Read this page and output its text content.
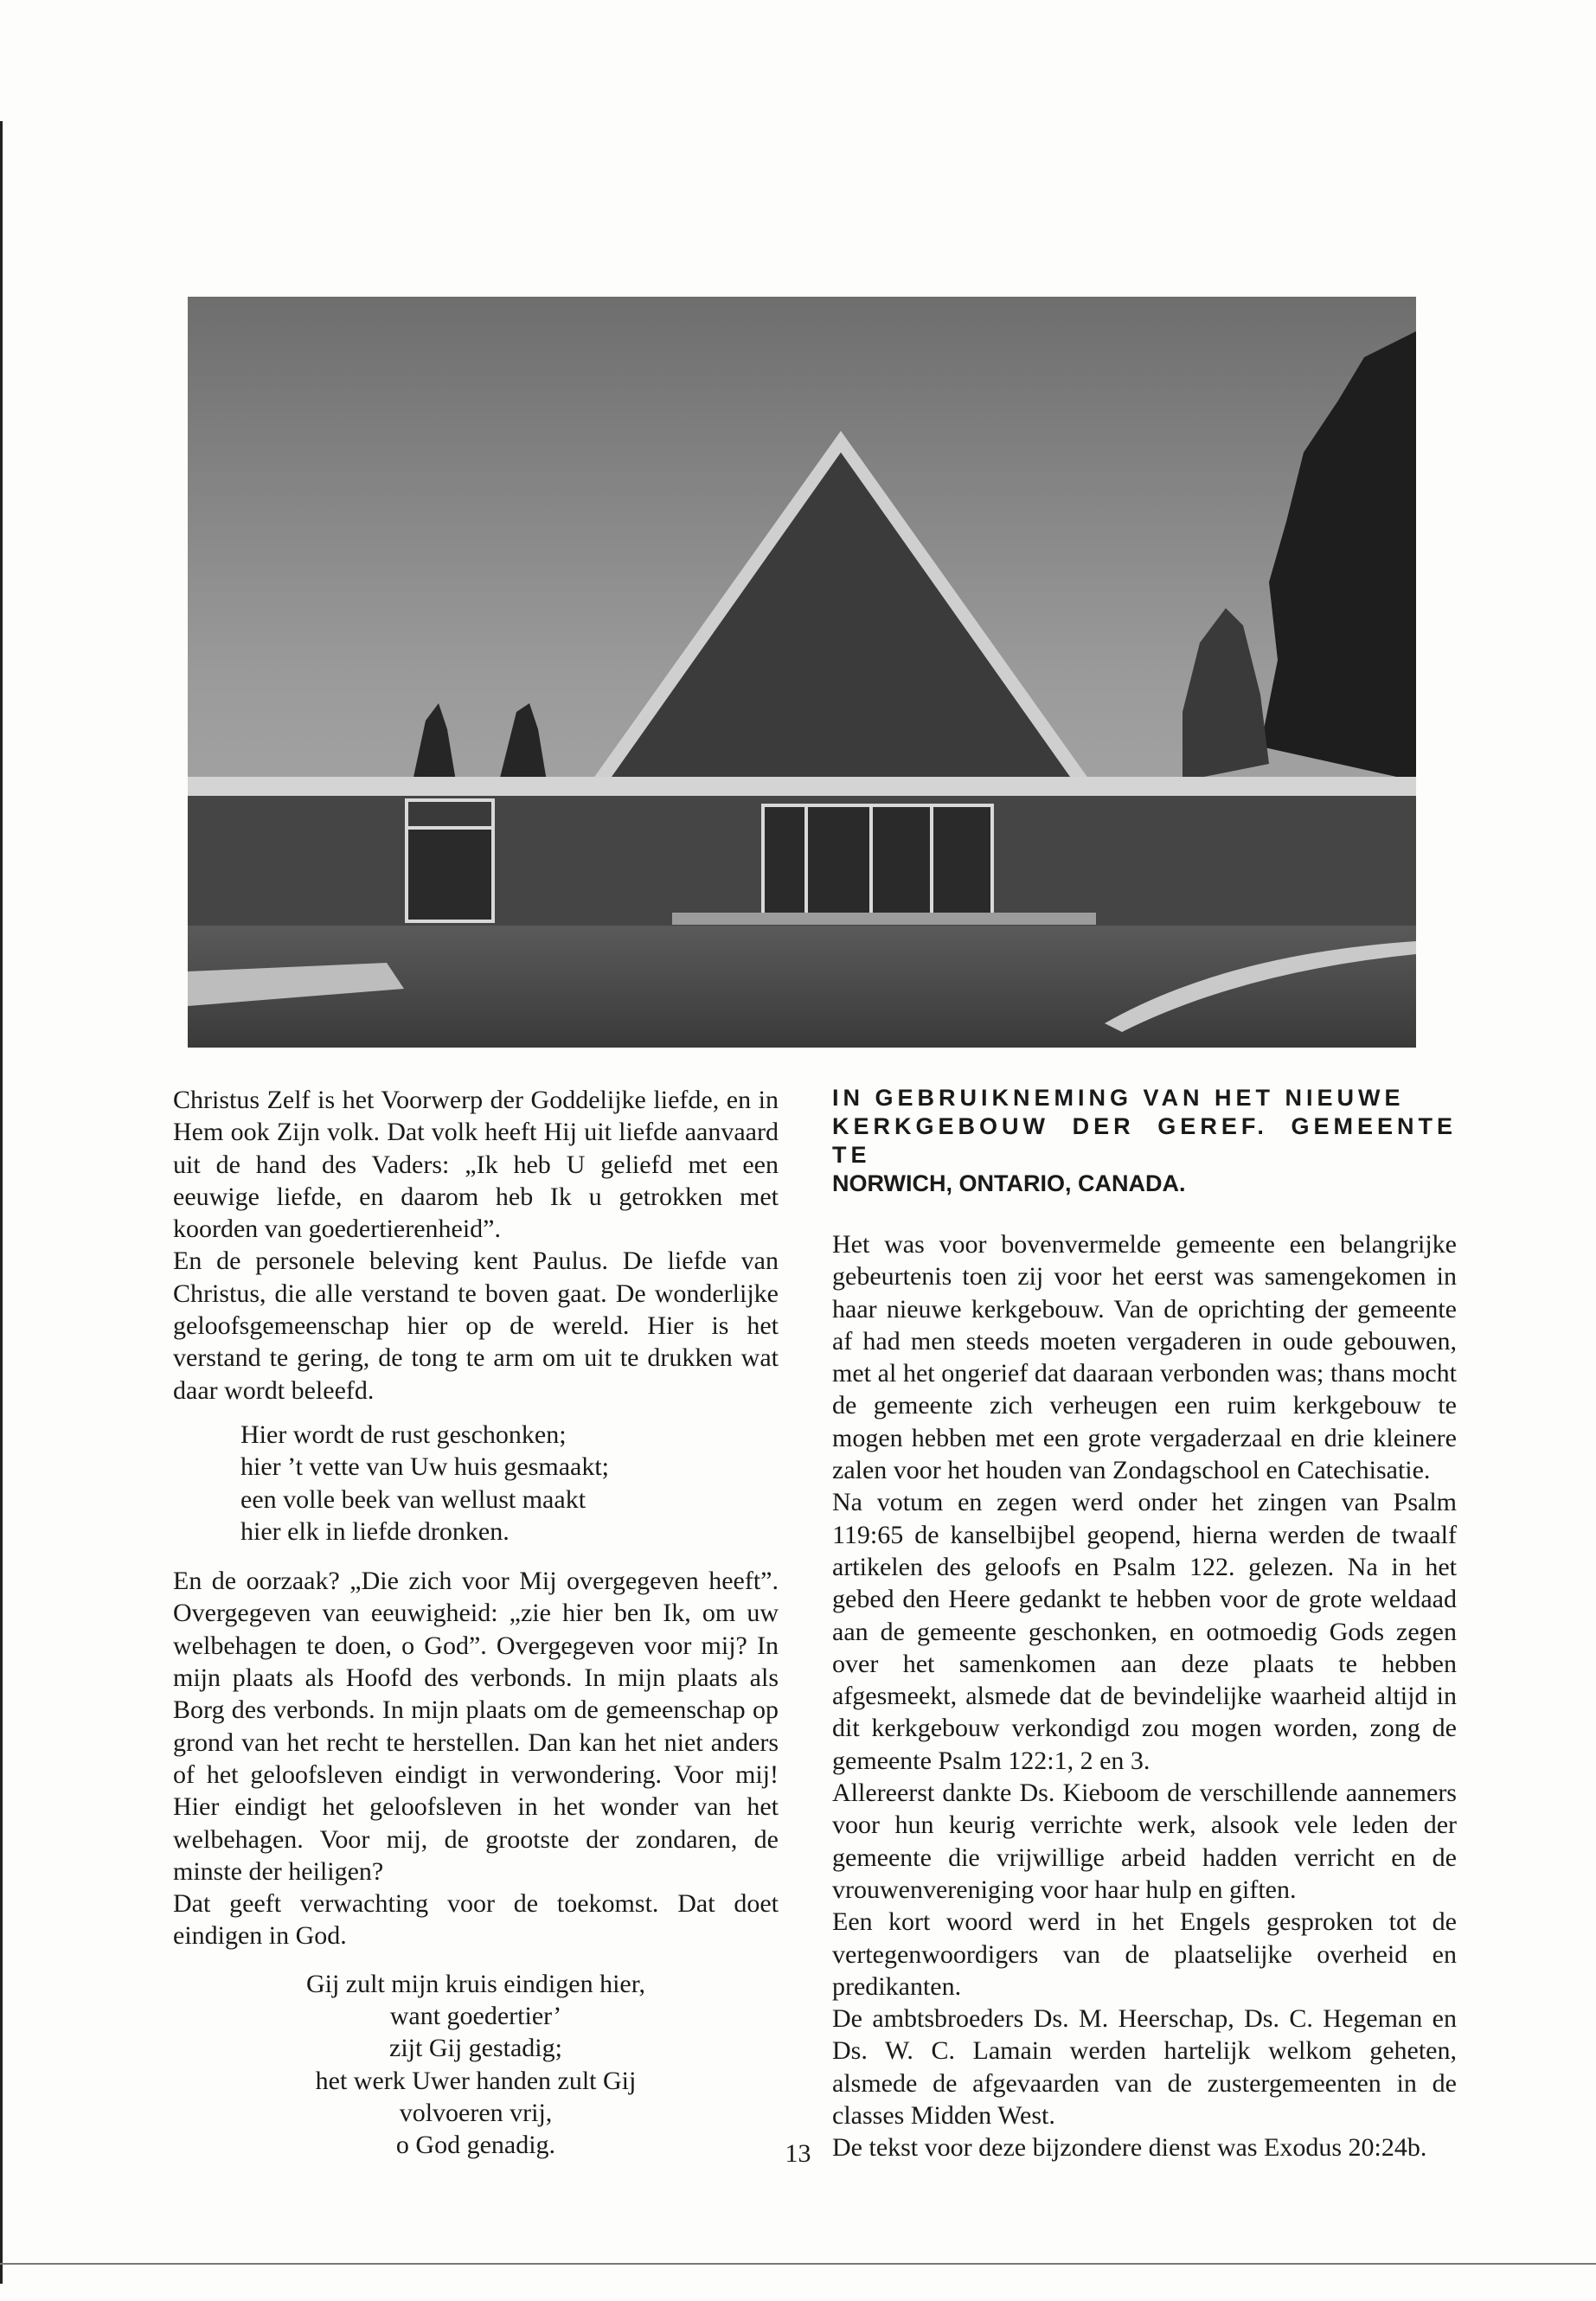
Christus Zelf is het Voorwerp der Goddelijke liefde, en in Hem ook Zijn volk. Dat volk heeft Hij uit liefde aanvaard uit de hand des Vaders: „Ik heb U geliefd met een eeuwige liefde, en daarom heb Ik u getrokken met koorden van goedertierenheid”.

En de personele beleving kent Paulus. De liefde van Christus, die alle verstand te boven gaat. De wonderlijke geloofsgemeenschap hier op de wereld. Hier is het verstand te gering, de tong te arm om uit te drukken wat daar wordt beleefd.

Hier wordt de rust geschonken;
hier ’t vette van Uw huis gesmaakt;
een volle beek van wellust maakt
hier elk in liefde dronken.

En de oorzaak? „Die zich voor Mij overgegeven heeft”. Overgegeven van eeuwigheid: „zie hier ben Ik, om uw welbehagen te doen, o God”. Overgegeven voor mij? In mijn plaats als Hoofd des verbonds. In mijn plaats als Borg des verbonds. In mijn plaats om de gemeenschap op grond van het recht te herstellen. Dan kan het niet anders of het geloofsleven eindigt in verwondering. Voor mij! Hier eindigt het geloofsleven in het wonder van het welbehagen. Voor mij, de grootste der zondaren, de minste der heiligen?

Dat geeft verwachting voor de toekomst. Dat doet eindigen in God.

Gij zult mijn kruis eindigen hier,
want goedertier’
zijt Gij gestadig;
het werk Uwer handen zult Gij
volvoeren vrij,
o God genadig.
IN GEBRUIKNEMING VAN HET NIEUWE
KERKGEBOUW DER GEREF. GEMEENTE TE
NORWICH, ONTARIO, CANADA.

Het was voor bovenvermelde gemeente een belangrijke gebeurtenis toen zij voor het eerst was samengekomen in haar nieuwe kerkgebouw. Van de oprichting der gemeente af had men steeds moeten vergaderen in oude gebouwen, met al het ongerief dat daaraan verbonden was; thans mocht de gemeente zich verheugen een ruim kerkgebouw te mogen hebben met een grote vergaderzaal en drie kleinere zalen voor het houden van Zondagschool en Catechisatie.

Na votum en zegen werd onder het zingen van Psalm 119:65 de kanselbijbel geopend, hierna werden de twaalf artikelen des geloofs en Psalm 122. gelezen. Na in het gebed den Heere gedankt te hebben voor de grote weldaad aan de gemeente geschonken, en ootmoedig Gods zegen over het samenkomen aan deze plaats te hebben afgesmeekt, alsmede dat de bevindelijke waarheid altijd in dit kerkgebouw verkondigd zou mogen worden, zong de gemeente Psalm 122:1, 2 en 3.

Allereerst dankte Ds. Kieboom de verschillende aannemers voor hun keurig verrichte werk, alsook vele leden der gemeente die vrijwillige arbeid hadden verricht en de vrouwenvereniging voor haar hulp en giften.

Een kort woord werd in het Engels gesproken tot de vertegenwoordigers van de plaatselijke overheid en predikanten.

De ambtsbroeders Ds. M. Heerschap, Ds. C. Hegeman en Ds. W. C. Lamain werden hartelijk welkom geheten, alsmede de afgevaarden van de zustergemeenten in de classes Midden West.

De tekst voor deze bijzondere dienst was Exodus 20:24b.

13
